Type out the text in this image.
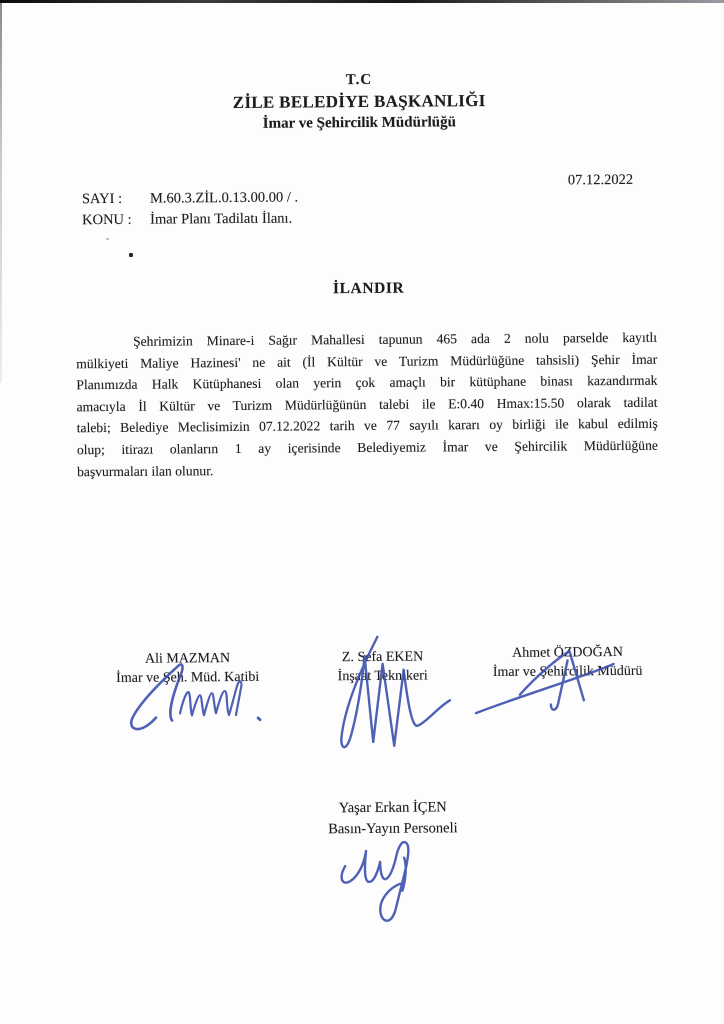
T.C
ZİLE BELEDİYE BAŞKANLIĞI
İmar ve Şehircilik Müdürlüğü
07.12.2022
SAYI :	M.60.3.ZİL.0.13.00.00 / .
KONU :	İmar Planı Tadilatı İlanı.
İLANDIR
Şehrimizin Minare-i Sağır Mahallesi tapunun 465 ada 2 nolu parselde kayıtlı
mülkiyeti Maliye Hazinesi' ne ait (İl Kültür ve Turizm Müdürlüğüne tahsisli) Şehir İmar
Planımızda Halk Kütüphanesi olan yerin çok amaçlı bir kütüphane binası kazandırmak
amacıyla İl Kültür ve Turizm Müdürlüğünün talebi ile E:0.40 Hmax:15.50 olarak tadilat
talebi; Belediye Meclisimizin 07.12.2022 tarih ve 77 sayılı kararı oy birliği ile kabul edilmiş
olup; itirazı olanların 1 ay içerisinde Belediyemiz İmar ve Şehircilik Müdürlüğüne
başvurmaları ilan olunur.
Ali MAZMAN
İmar ve Şeh. Müd. Katibi
Z. Sefa EKEN
İnşaat Teknikeri
Ahmet ÖZDOĞAN
İmar ve Şehircilik Müdürü
Yaşar Erkan İÇEN
Basın-Yayın Personeli
